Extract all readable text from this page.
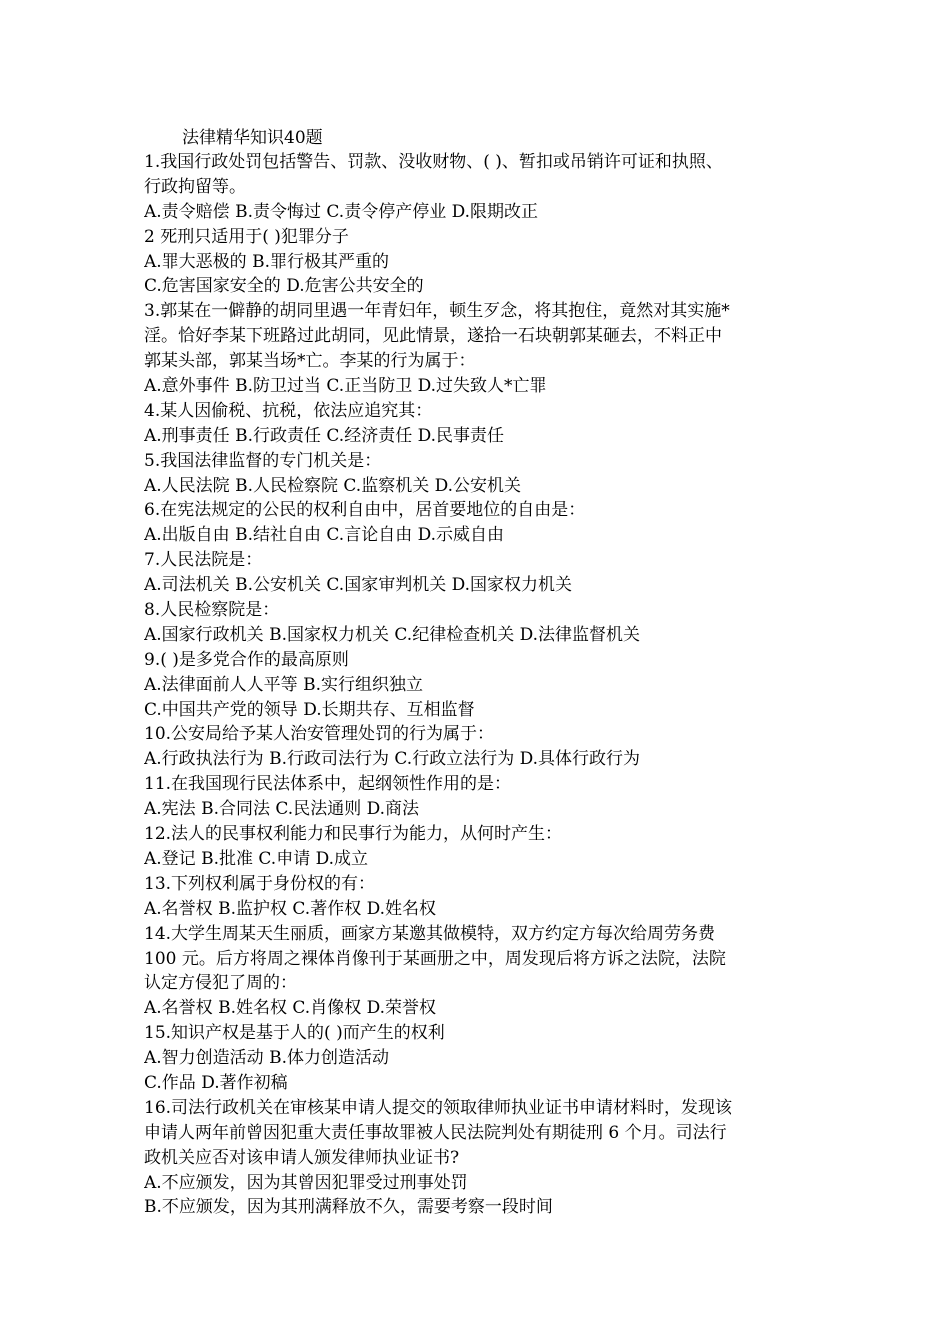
法律精华知识40题
1.我国行政处罚包括警告、罚款、没收财物、( )、暂扣或吊销许可证和执照、
行政拘留等。
A.责令赔偿 B.责令悔过 C.责令停产停业 D.限期改正
2 死刑只适用于( )犯罪分子
A.罪大恶极的 B.罪行极其严重的
C.危害国家安全的 D.危害公共安全的
3.郭某在一僻静的胡同里遇一年青妇年，顿生歹念，将其抱住，竟然对其实施*
淫。恰好李某下班路过此胡同，见此情景，遂拾一石块朝郭某砸去，不料正中
郭某头部，郭某当场*亡。李某的行为属于：
A.意外事件 B.防卫过当 C.正当防卫 D.过失致人*亡罪
4.某人因偷税、抗税，依法应追究其：
A.刑事责任 B.行政责任 C.经济责任 D.民事责任
5.我国法律监督的专门机关是：
A.人民法院 B.人民检察院 C.监察机关 D.公安机关
6.在宪法规定的公民的权利自由中，居首要地位的自由是：
A.出版自由 B.结社自由 C.言论自由 D.示威自由
7.人民法院是：
A.司法机关 B.公安机关 C.国家审判机关 D.国家权力机关
8.人民检察院是：
A.国家行政机关 B.国家权力机关 C.纪律检查机关 D.法律监督机关
9.( )是多党合作的最高原则
A.法律面前人人平等 B.实行组织独立
C.中国共产党的领导 D.长期共存、互相监督
10.公安局给予某人治安管理处罚的行为属于：
A.行政执法行为 B.行政司法行为 C.行政立法行为 D.具体行政行为
11.在我国现行民法体系中，起纲领性作用的是：
A.宪法 B.合同法 C.民法通则 D.商法
12.法人的民事权利能力和民事行为能力，从何时产生：
A.登记 B.批准 C.申请 D.成立
13.下列权利属于身份权的有：
A.名誉权 B.监护权 C.著作权 D.姓名权
14.大学生周某天生丽质，画家方某邀其做模特，双方约定方每次给周劳务费
100 元。后方将周之裸体肖像刊于某画册之中，周发现后将方诉之法院，法院
认定方侵犯了周的：
A.名誉权 B.姓名权 C.肖像权 D.荣誉权
15.知识产权是基于人的( )而产生的权利
A.智力创造活动 B.体力创造活动
C.作品 D.著作初稿
16.司法行政机关在审核某申请人提交的领取律师执业证书申请材料时，发现该
申请人两年前曾因犯重大责任事故罪被人民法院判处有期徒刑 6 个月。司法行
政机关应否对该申请人颁发律师执业证书?
A.不应颁发，因为其曾因犯罪受过刑事处罚
B.不应颁发，因为其刑满释放不久，需要考察一段时间
